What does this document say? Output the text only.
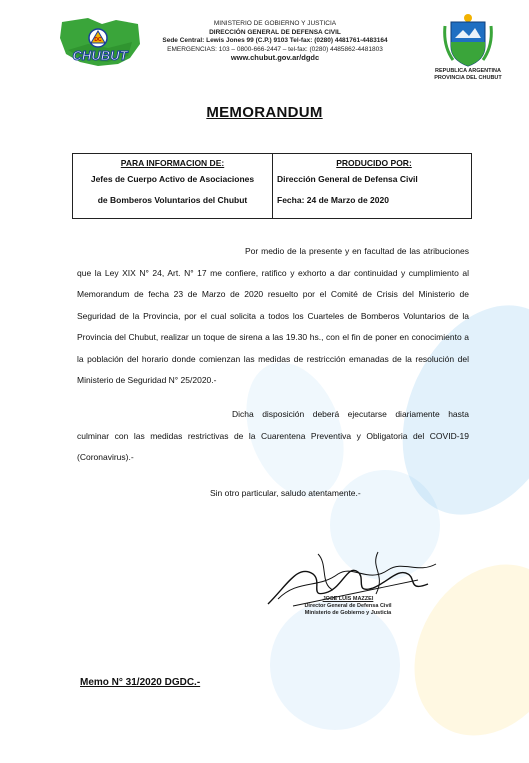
DC
CHUBUT
MINISTERIO DE GOBIERNO Y JUSTICIA
DIRECCIÓN GENERAL DE DEFENSA CIVIL
Sede Central: Lewis Jones 99 (C.P.) 9103 Tel-fax: (0280) 4481761-4483164
EMERGENCIAS: 103 – 0800-666-2447 – tel-fax: (0280) 4485862-4481803
www.chubut.gov.ar/dgdc
REPUBLICA ARGENTINA
PROVINCIA DEL CHUBUT
MEMORANDUM
PARA INFORMACION DE:
Jefes de Cuerpo Activo de Asociaciones
de Bomberos Voluntarios del Chubut
PRODUCIDO POR:
Dirección General de Defensa Civil
Fecha: 24 de Marzo de 2020
Por medio de la presente y en facultad de las atribuciones que la Ley XIX N° 24, Art. N° 17 me confiere, ratifico y exhorto a dar continuidad y cumplimiento al Memorandum de fecha 23 de Marzo de 2020 resuelto por el Comité de Crisis del Ministerio de Seguridad de la Provincia, por el cual solicita a todos los Cuarteles de Bomberos Voluntarios de la Provincia del Chubut, realizar un toque de sirena a las 19.30 hs., con el fin de poner en conocimiento a la población del horario donde comienzan las medidas de restricción emanadas de la resolución del Ministerio de Seguridad N° 25/2020.-
Dicha disposición deberá ejecutarse diariamente hasta culminar con las medidas restrictivas de la Cuarentena Preventiva y Obligatoria del COVID-19 (Coronavirus).-
Sin otro particular, saludo atentamente.-
JOSE LUIS MAZZEI
Director General de Defensa Civil
Ministerio de Gobierno y Justicia
Memo N° 31/2020 DGDC.-
